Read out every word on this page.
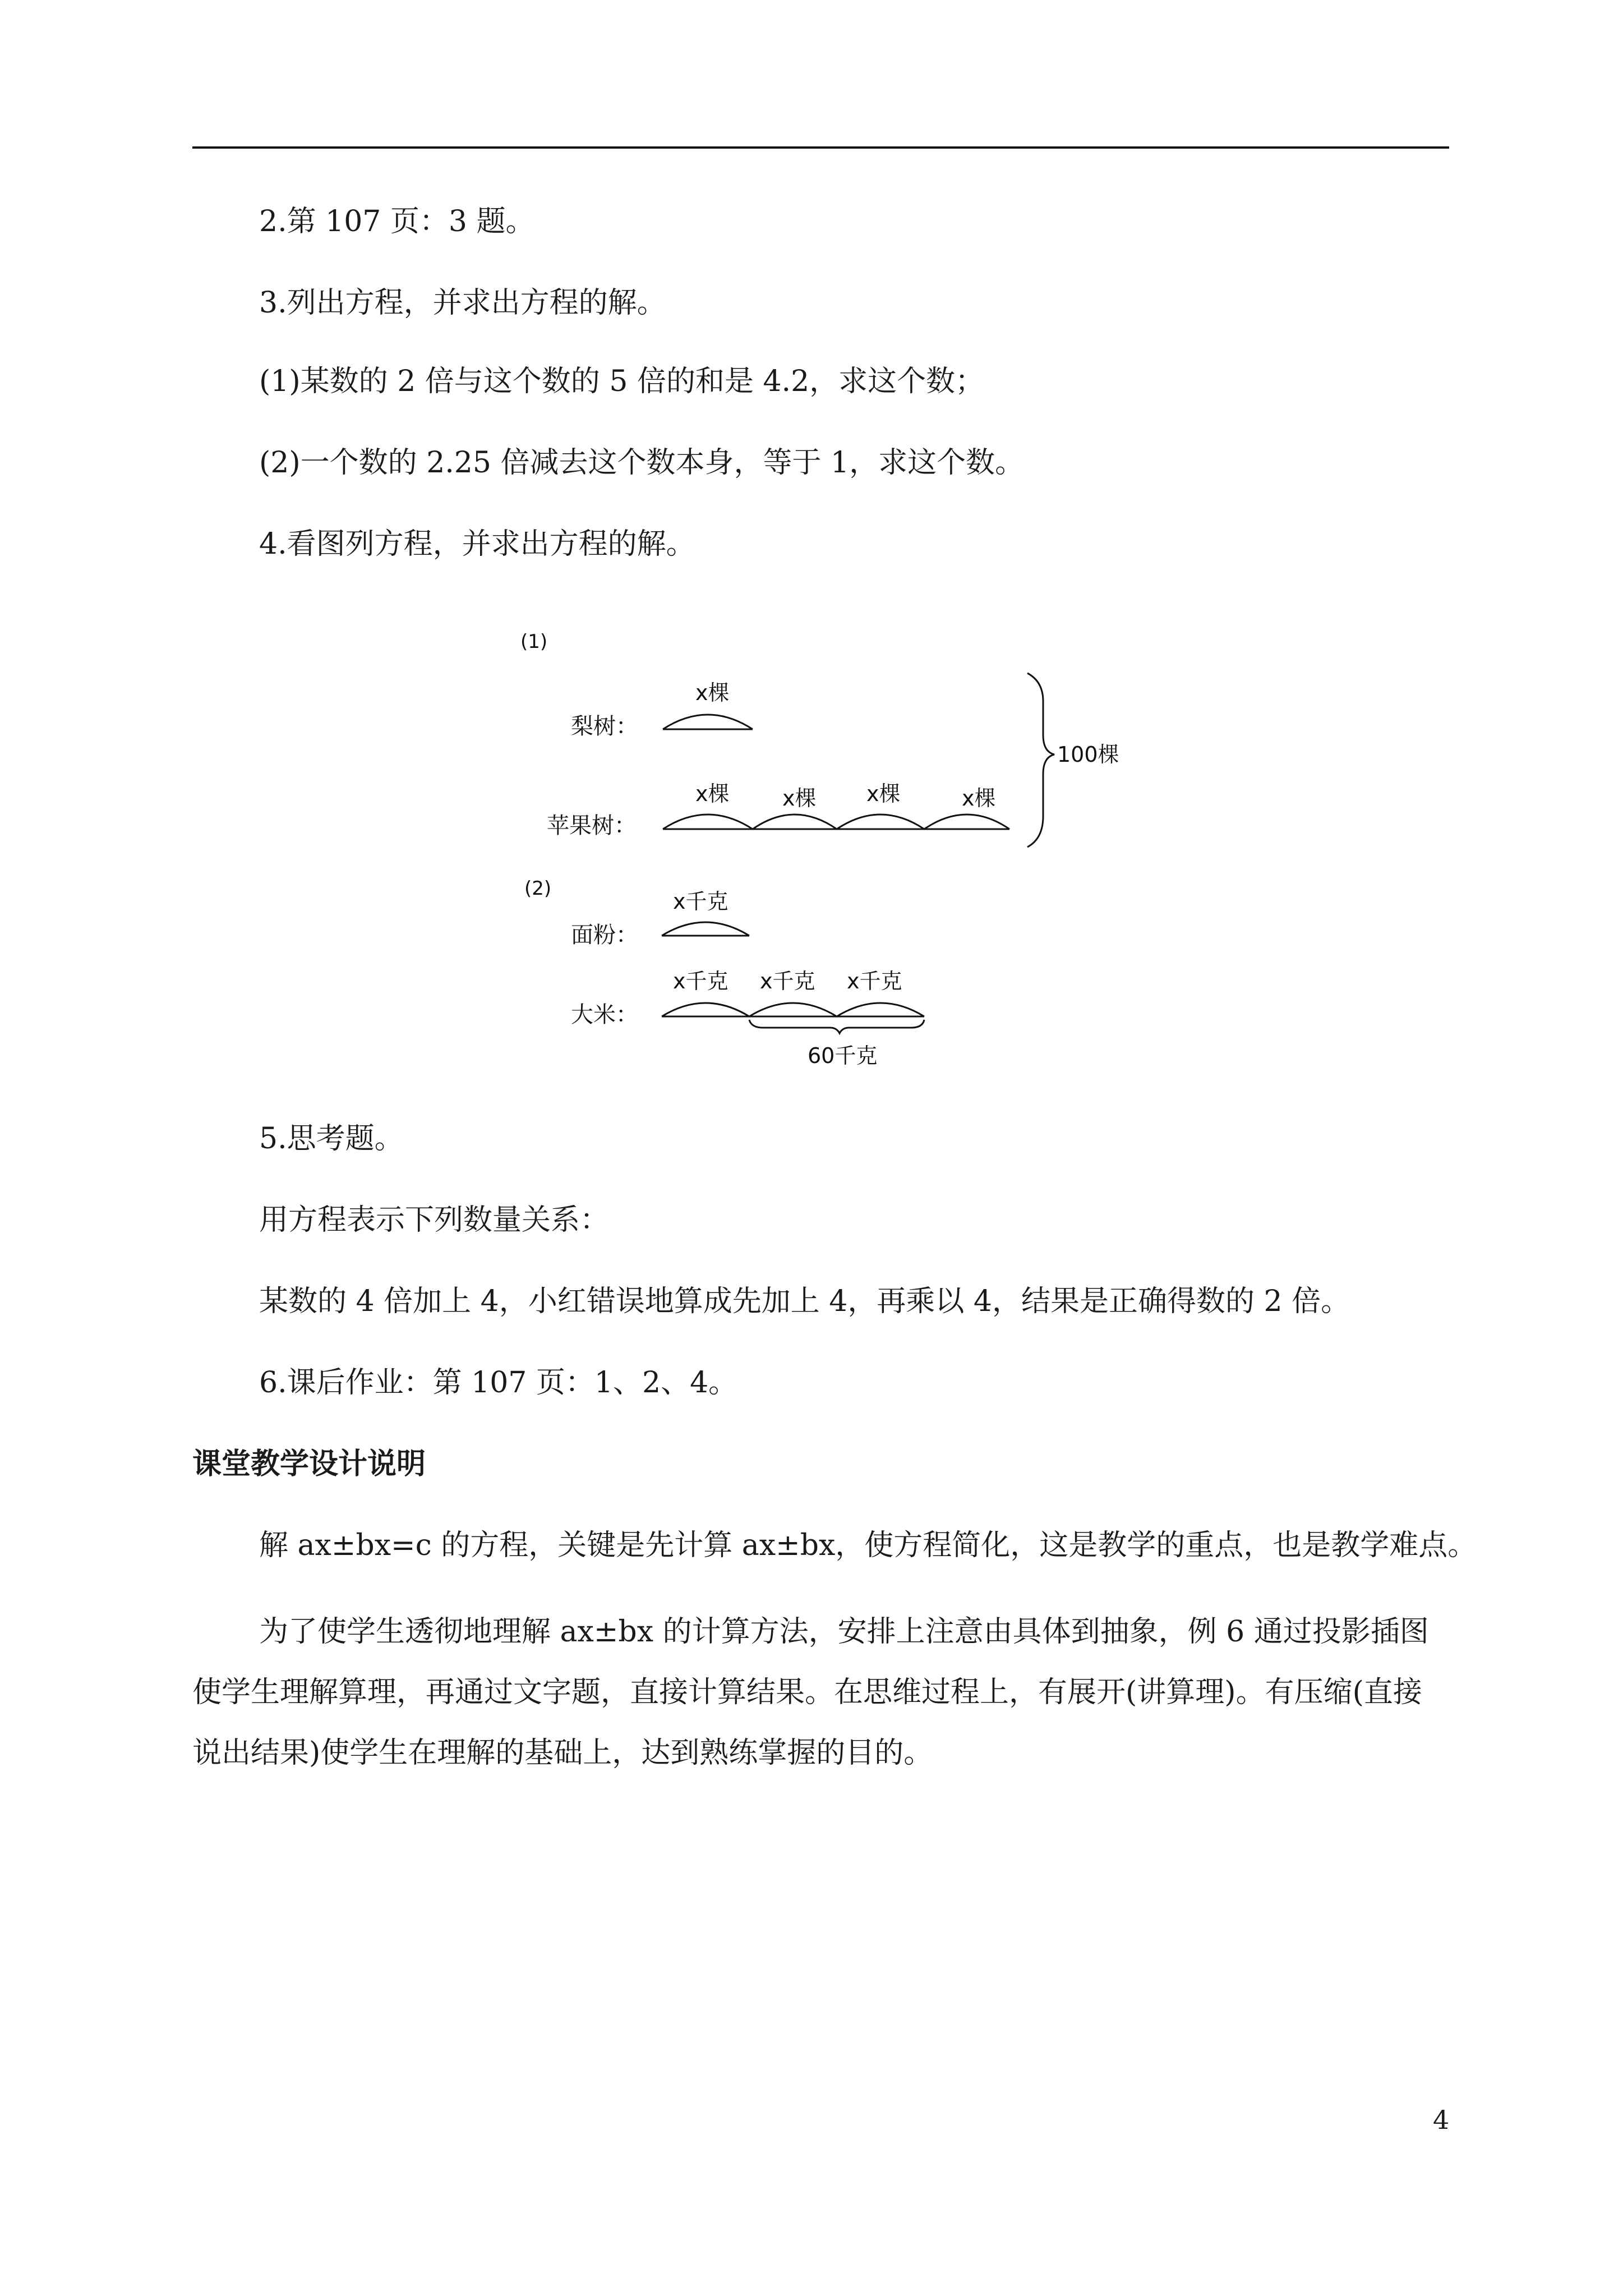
2.第 107 页：3 题。
3.列出方程，并求出方程的解。
(1)某数的 2 倍与这个数的 5 倍的和是 4.2，求这个数；
(2)一个数的 2.25 倍减去这个数本身，等于 1，求这个数。
4.看图列方程，并求出方程的解。
(1)
梨树：
x棵
苹果树：
x棵 x棵 x棵	x棵
100棵
(2)
面粉：
x千克
大米：
x千克 x千克 x千克
60千克
5.思考题。
用方程表示下列数量关系：
某数的 4 倍加上 4，小红错误地算成先加上 4，再乘以 4，结果是正确得数的 2 倍。
6.课后作业：第 107 页：1、2、4。
课堂教学设计说明
解 ax±bx=c 的方程，关键是先计算 ax±bx，使方程简化，这是教学的重点，也是教学难点。
为了使学生透彻地理解 ax±bx 的计算方法，安排上注意由具体到抽象，例 6 通过投影插图使学生理解算理，再通过文字题，直接计算结果。在思维过程上，有展开(讲算理)。有压缩(直接说出结果)使学生在理解的基础上，达到熟练掌握的目的。
4
